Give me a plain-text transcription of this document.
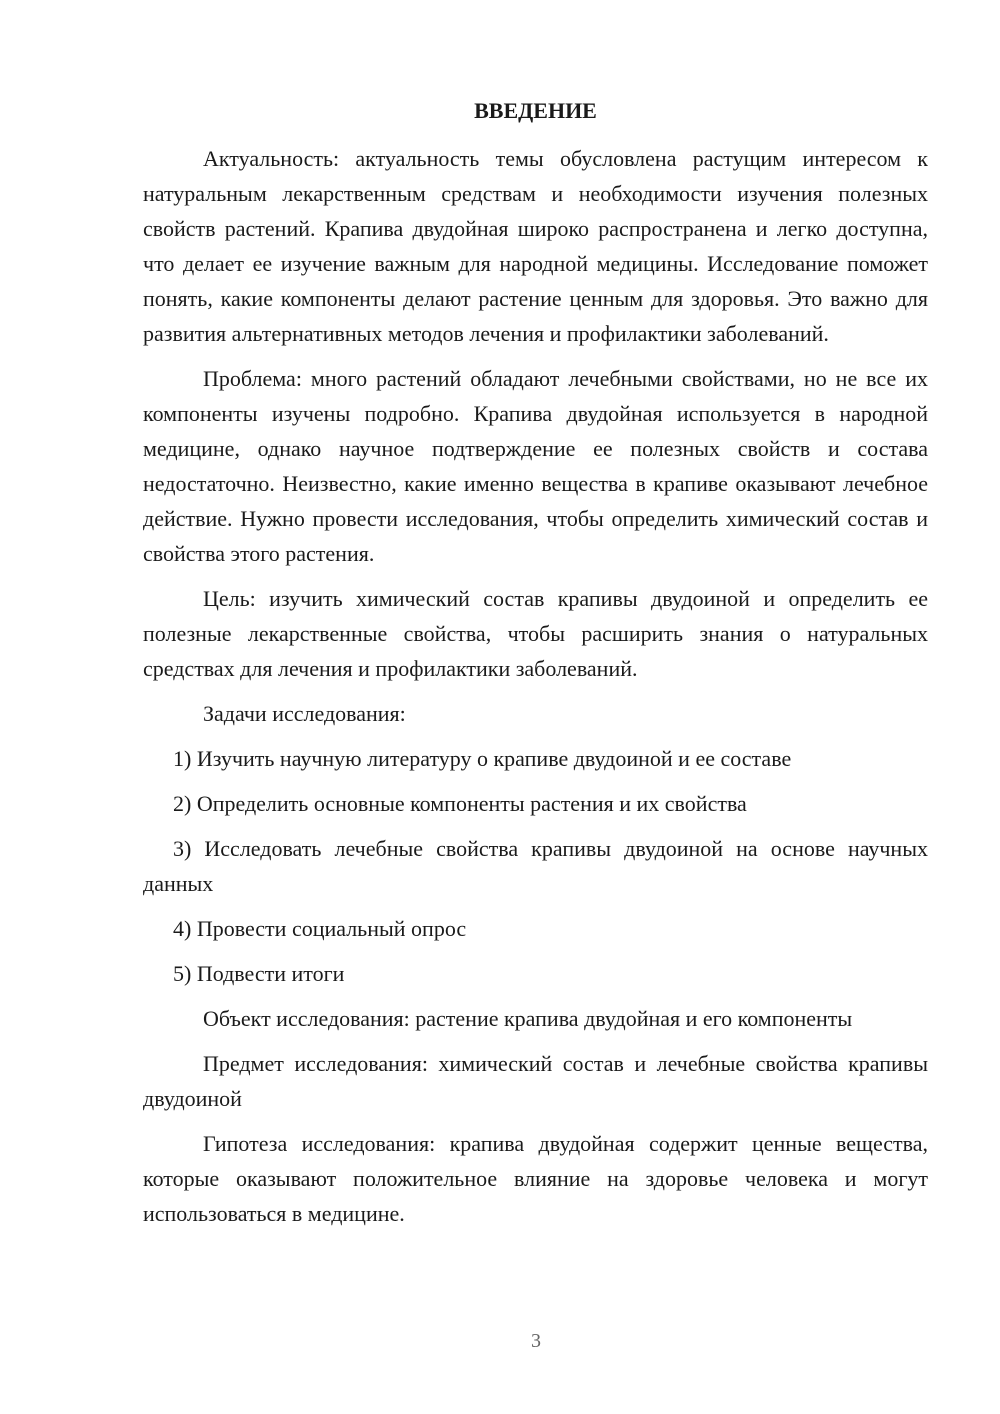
ВВЕДЕНИЕ

Актуальность: актуальность темы обусловлена растущим интересом к натуральным лекарственным средствам и необходимости изучения полезных свойств растений. Крапива двудойная широко распространена и легко доступна, что делает ее изучение важным для народной медицины. Исследование поможет понять, какие компоненты делают растение ценным для здоровья. Это важно для развития альтернативных методов лечения и профилактики заболеваний.

Проблема: много растений обладают лечебными свойствами, но не все их компоненты изучены подробно. Крапива двудойная используется в народной медицине, однако научное подтверждение ее полезных свойств и состава недостаточно. Неизвестно, какие именно вещества в крапиве оказывают лечебное действие. Нужно провести исследования, чтобы определить химический состав и свойства этого растения.

Цель: изучить химический состав крапивы двудоиной и определить ее полезные лекарственные свойства, чтобы расширить знания о натуральных средствах для лечения и профилактики заболеваний.

Задачи исследования:

1) Изучить научную литературу о крапиве двудоиной и ее составе

2) Определить основные компоненты растения и их свойства

3) Исследовать лечебные свойства крапивы двудоиной на основе научных данных

4) Провести социальный опрос

5) Подвести итоги

Объект исследования: растение крапива двудойная и его компоненты

Предмет исследования: химический состав и лечебные свойства крапивы двудоиной

Гипотеза исследования: крапива двудойная содержит ценные вещества, которые оказывают положительное влияние на здоровье человека и могут использоваться в медицине.

3
